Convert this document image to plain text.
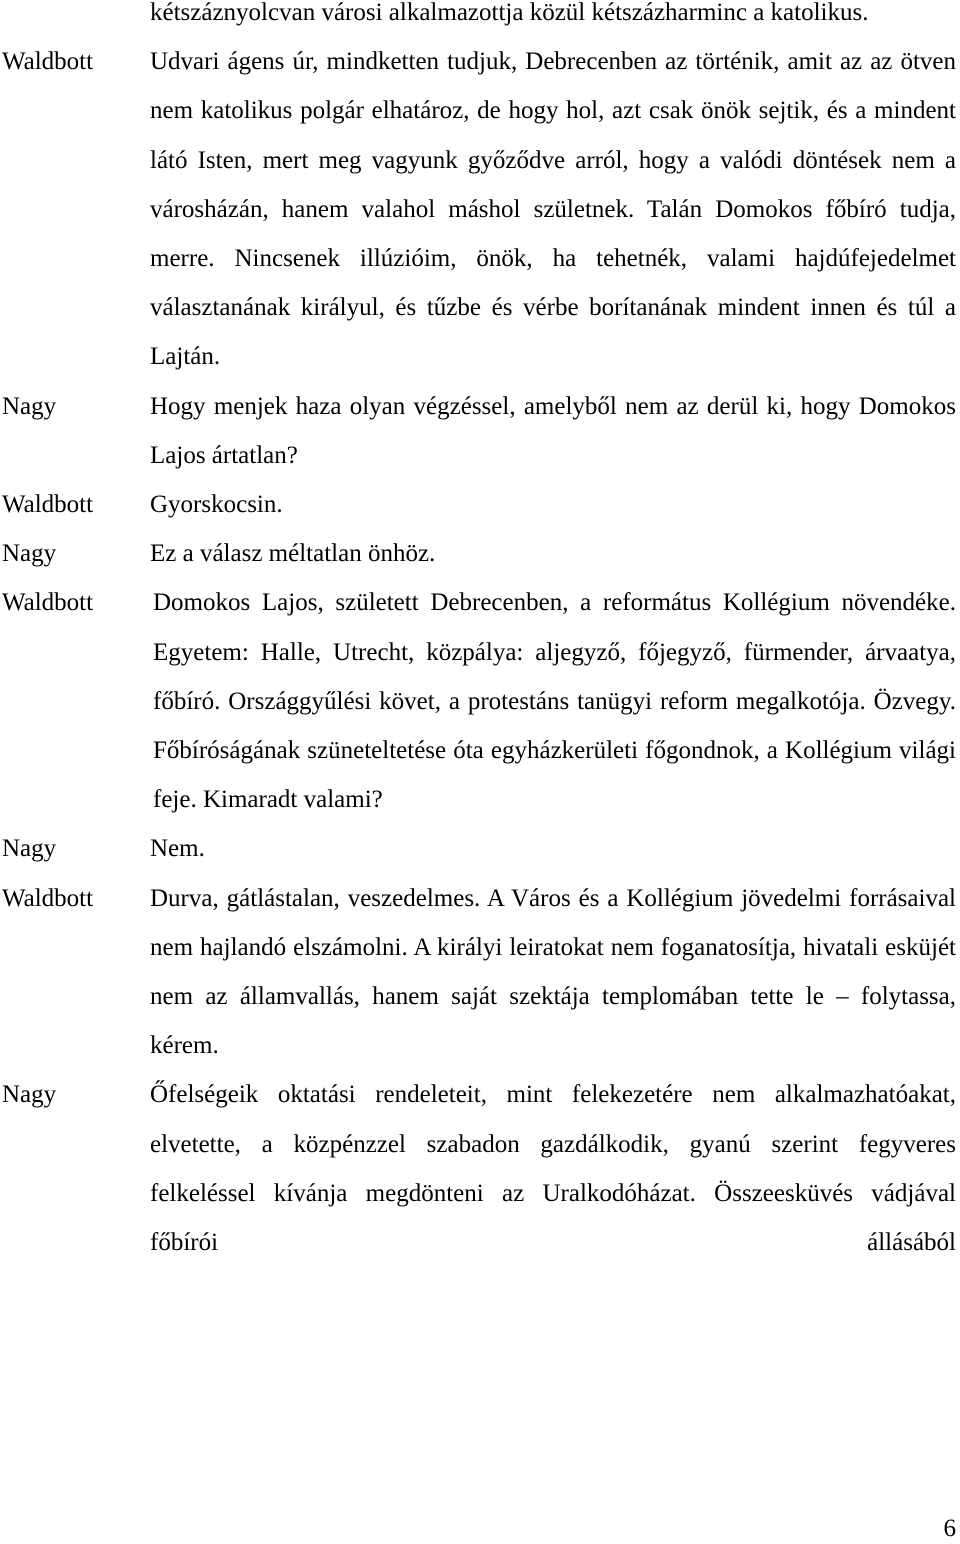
kétszáznyolcvan városi alkalmazottja közül kétszázharminc a katolikus.

Waldbott Udvari ágens úr, mindketten tudjuk, Debrecenben az történik, amit az az ötven nem katolikus polgár elhatároz, de hogy hol, azt csak önök sejtik, és a mindent látó Isten, mert meg vagyunk győződve arról, hogy a valódi döntések nem a városházán, hanem valahol máshol születnek. Talán Domokos főbíró tudja, merre. Nincsenek illúzióim, önök, ha tehetnék, valami hajdúfejedelmet választanának királyul, és tűzbe és vérbe borítanának mindent innen és túl a Lajtán.

Nagy	Hogy menjek haza olyan végzéssel, amelyből nem az derül ki, hogy Domokos Lajos ártatlan?

Waldbott Gyorskocsin.

Nagy	Ez a válasz méltatlan önhöz.

Waldbott Domokos Lajos, született Debrecenben, a református Kollégium növendéke. Egyetem: Halle, Utrecht, közpálya: aljegyző, főjegyző, fürmender, árvaatya, főbíró. Országgyűlési követ, a protestáns tanügyi reform megalkotója. Özvegy. Főbíróságának szüneteltetése óta egyházkerületi főgondnok, a Kollégium világi feje. Kimaradt valami?

Nagy	Nem.

Waldbott Durva, gátlástalan, veszedelmes. A Város és a Kollégium jövedelmi forrásaival nem hajlandó elszámolni. A királyi leiratokat nem foganatosítja, hivatali esküjét nem az államvallás, hanem saját szektája templomában tette le – folytassa, kérem.

Nagy	Őfelségeik oktatási rendeleteit, mint felekezetére nem alkalmazhatóakat, elvetette, a közpénzzel szabadon gazdálkodik, gyanú szerint fegyveres felkeléssel kívánja megdönteni az Uralkodóházat. Összeesküvés vádjával főbírói állásából

6
